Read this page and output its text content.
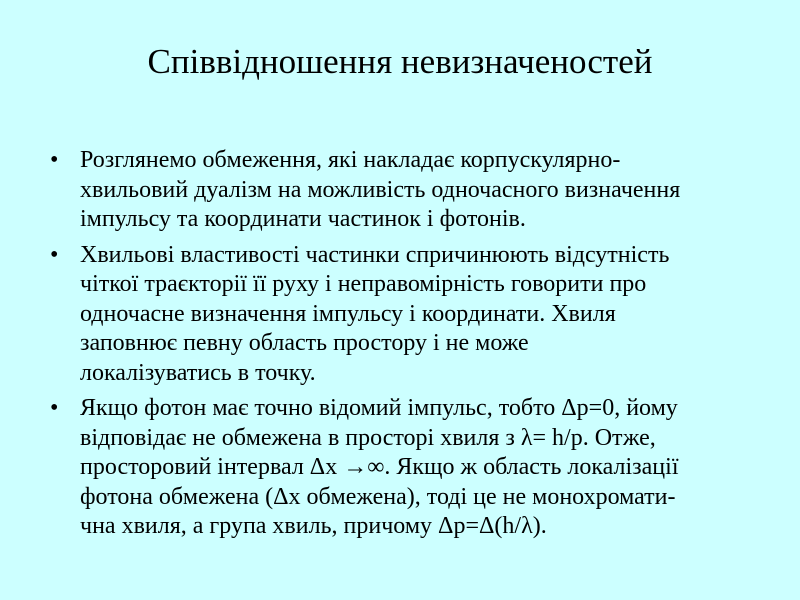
Співвідношення невизначеностей
• Розглянемо обмеження, які накладає корпускулярно-
хвильовий дуалізм на можливість одночасного визначення
імпульсу та координати частинок і фотонів.
• Хвильові властивості частинки спричинюють відсутність
чіткої траєкторії її руху і неправомірність говорити про
одночасне визначення імпульсу і координати. Хвиля
заповнює певну область простору і не може
локалізуватись в точку.
• Якщо фотон має точно відомий імпульс, тобто Δp=0, йому
відповідає не обмежена в просторі хвиля з λ= h/p. Отже,
просторовий інтервал Δx →∞. Якщо ж область локалізації
фотона обмежена (Δx обмежена), тоді це не монохромати-
чна хвиля, а група хвиль, причому Δp=Δ(h/λ).
